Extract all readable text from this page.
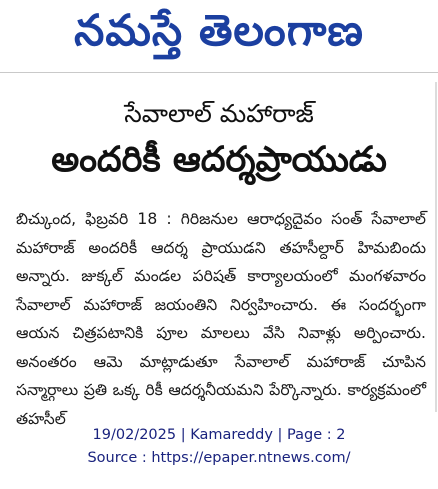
నమస్తే తెలంగాణ
సేవాలాల్ మహారాజ్
అందరికీ ఆదర్శప్రాయుడు
బిచ్కుంద, ఫిబ్రవరి 18 : గిరిజనుల ఆరాధ్యదైవం సంత్ సేవాలాల్ మహారాజ్ అందరికీ ఆదర్శ ప్రాయుడని తహసీల్దార్ హిమబిందు అన్నారు. జుక్కల్ మండల పరిషత్ కార్యాలయంలో మంగళవారం సేవాలాల్ మహారాజ్ జయంతిని నిర్వహించారు. ఈ సందర్భంగా ఆయన చిత్రపటానికి పూల మాలలు వేసి నివాళ్లు అర్పించారు. అనంతరం ఆమె మాట్లాడుతూ సేవాలాల్ మహారాజ్ చూపిన సన్మార్గాలు ప్రతి ఒక్క రికీ ఆదర్శనీయమని పేర్కొన్నారు. కార్యక్రమంలో తహసీల్
19/02/2025 | Kamareddy | Page : 2
Source : https://epaper.ntnews.com/
